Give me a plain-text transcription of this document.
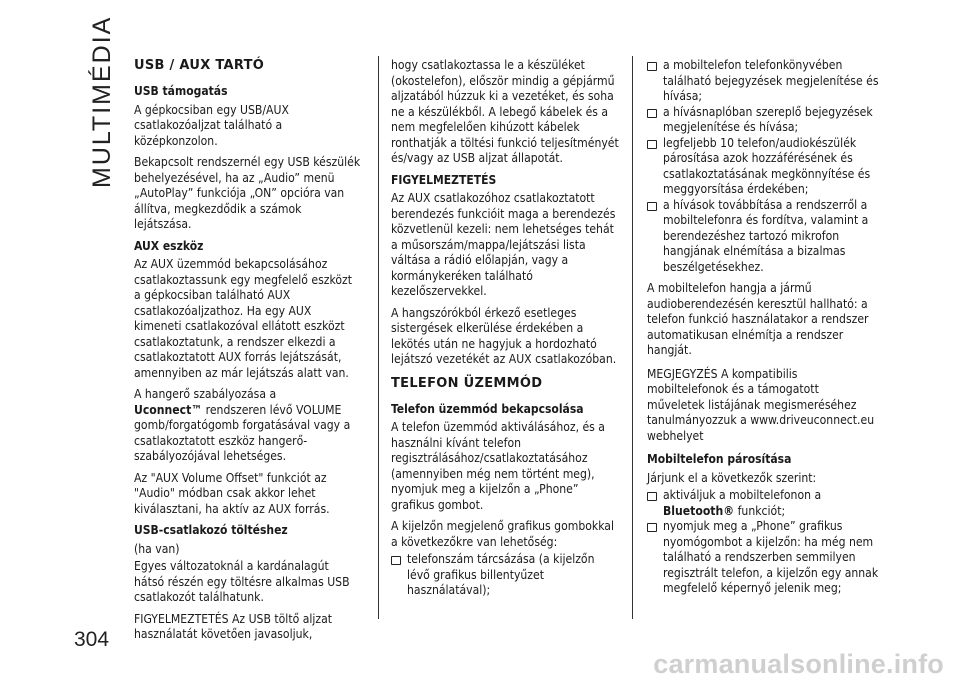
MULTIMÉDIA
304
USB / AUX TARTÓ
USB támogatás

A gépkocsiban egy USB/AUX csatlakozóaljzat található a középkonzolon.

Bekapcsolt rendszernél egy USB készülék behelyezésével, ha az „Audio” menü „AutoPlay” funkciója „ON” opcióra van állítva, megkezdődik a számok lejátszása.

AUX eszköz

Az AUX üzemmód bekapcsolásához csatlakoztassunk egy megfelelő eszközt a gépkocsiban található AUX csatlakozóaljzathoz. Ha egy AUX kimeneti csatlakozóval ellátott eszközt csatlakoztatunk, a rendszer elkezdi a csatlakoztatott AUX forrás lejátszását, amennyiben az már lejátszás alatt van.

A hangerő szabályozása a
Uconnect™ rendszeren lévő VOLUME gomb/forgatógomb forgatásával vagy a csatlakoztatott eszköz hangerő-szabályozójával lehetséges.

Az "AUX Volume Offset" funkciót az "Audio" módban csak akkor lehet kiválasztani, ha aktív az AUX forrás.

USB-csatlakozó töltéshez

(ha van)

Egyes változatoknál a kardánalagút hátsó részén egy töltésre alkalmas USB csatlakozót találhatunk.

FIGYELMEZTETÉS Az USB töltő aljzat használatát követően javasoljuk,

hogy csatlakoztassa le a készüléket (okostelefon), először mindig a gépjármű aljzatából húzzuk ki a vezetéket, és soha ne a készülékből. A lebegő kábelek és a nem megfelelően kihúzott kábelek ronthatják a töltési funkció teljesítményét és/vagy az USB aljzat állapotát.

FIGYELMEZTETÉS

Az AUX csatlakozóhoz csatlakoztatott berendezés funkcióit maga a berendezés közvetlenül kezeli: nem lehetséges tehát a műsorszám/mappa/lejátszási lista váltása a rádió előlapján, vagy a kormánykeréken található kezelőszervekkel.

A hangszórókból érkező esetleges sistergések elkerülése érdekében a lekötés után ne hagyjuk a hordozható lejátszó vezetékét az AUX csatlakozóban.

TELEFON ÜZEMMÓD
Telefon üzemmód bekapcsolása

A telefon üzemmód aktiválásához, és a használni kívánt telefon regisztrálásához/csatlakoztatásához (amennyiben még nem történt meg), nyomjuk meg a kijelzőn a „Phone” grafikus gombot.

A kijelzőn megjelenő grafikus gombokkal a következőkre van lehetőség:

telefonszám tárcsázása (a kijelzőn lévő grafikus billentyűzet használatával);
a mobiltelefon telefonkönyvében található bejegyzések megjelenítése és hívása;
a hívásnaplóban szereplő bejegyzések megjelenítése és hívása;
legfeljebb 10 telefon/audiokészülék párosítása azok hozzáférésének és csatlakoztatásának megkönnyítése és meggyorsítása érdekében;
a hívások továbbítása a rendszerről a mobiltelefonra és fordítva, valamint a berendezéshez tartozó mikrofon hangjának elnémítása a bizalmas beszélgetésekhez.

A mobiltelefon hangja a jármű audioberendezésén keresztül hallható: a telefon funkció használatakor a rendszer automatikusan elnémítja a rendszer hangját.

MEGJEGYZÉS A kompatibilis mobiltelefonok és a támogatott műveletek listájának megismeréséhez tanulmányozzuk a www.driveuconnect.eu webhelyet

Mobiltelefon párosítása

Járjunk el a következők szerint:

aktiváljuk a mobiltelefonon a
Bluetooth® funkciót;
nyomjuk meg a „Phone” grafikus nyomógombot a kijelzőn: ha még nem található a rendszerben semmilyen regisztrált telefon, a kijelzőn egy annak megfelelő képernyő jelenik meg;
carmanualsonline.info
